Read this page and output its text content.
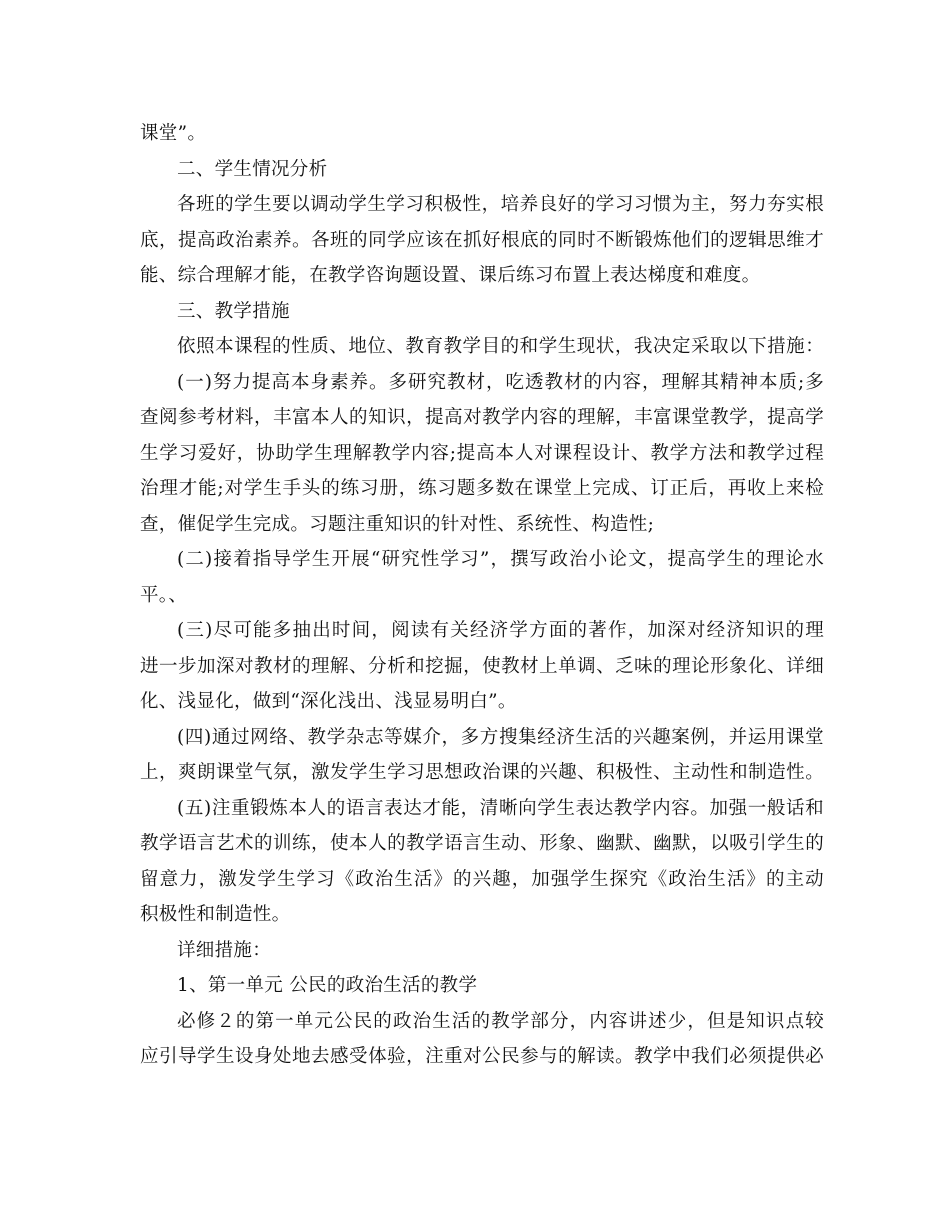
课堂”。
二、学生情况分析
各班的学生要以调动学生学习积极性，培养良好的学习习惯为主，努力夯实根
底，提高政治素养。各班的同学应该在抓好根底的同时不断锻炼他们的逻辑思维才
能、综合理解才能，在教学咨询题设置、课后练习布置上表达梯度和难度。
三、教学措施
依照本课程的性质、地位、教育教学目的和学生现状，我决定采取以下措施：
(一)努力提高本身素养。多研究教材，吃透教材的内容，理解其精神本质;多
查阅参考材料，丰富本人的知识，提高对教学内容的理解，丰富课堂教学，提高学
生学习爱好，协助学生理解教学内容;提高本人对课程设计、教学方法和教学过程
治理才能;对学生手头的练习册，练习题多数在课堂上完成、订正后，再收上来检
查，催促学生完成。习题注重知识的针对性、系统性、构造性;
(二)接着指导学生开展“研究性学习”，撰写政治小论文，提高学生的理论水
平。、
(三)尽可能多抽出时间，阅读有关经济学方面的著作，加深对经济知识的理
进一步加深对教材的理解、分析和挖掘，使教材上单调、乏味的理论形象化、详细
化、浅显化，做到“深化浅出、浅显易明白”。
(四)通过网络、教学杂志等媒介，多方搜集经济生活的兴趣案例，并运用课堂
上，爽朗课堂气氛，激发学生学习思想政治课的兴趣、积极性、主动性和制造性。
(五)注重锻炼本人的语言表达才能，清晰向学生表达教学内容。加强一般话和
教学语言艺术的训练，使本人的教学语言生动、形象、幽默、幽默，以吸引学生的
留意力，激发学生学习《政治生活》的兴趣，加强学生探究《政治生活》的主动
积极性和制造性。
详细措施：
1、第一单元 公民的政治生活的教学
必修２的第一单元公民的政治生活的教学部分，内容讲述少，但是知识点较
应引导学生设身处地去感受体验，注重对公民参与的解读。教学中我们必须提供必
